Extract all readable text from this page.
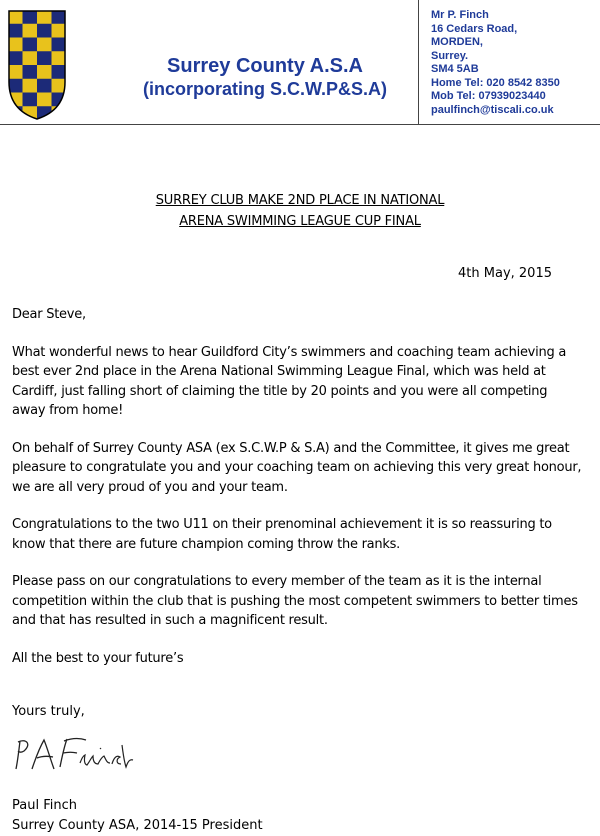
Surrey County A.S.A
(incorporating S.C.W.P&S.A)
Mr P. Finch
16 Cedars Road,
MORDEN,
Surrey.
SM4 5AB
Home Tel: 020 8542 8350
Mob Tel: 07939023440
paulfinch@tiscali.co.uk
SURREY CLUB MAKE 2ND PLACE IN NATIONAL
ARENA SWIMMING LEAGUE CUP FINAL
4th May, 2015

Dear Steve,

What wonderful news to hear Guildford City’s swimmers and coaching team achieving a best ever 2nd place in the Arena National Swimming League Final, which was held at Cardiff, just falling short of claiming the title by 20 points and you were all competing away from home!

On behalf of Surrey County ASA (ex S.C.W.P & S.A) and the Committee, it gives me great pleasure to congratulate you and your coaching team on achieving this very great honour, we are all very proud of you and your team.

Congratulations to the two U11 on their prenominal achievement it is so reassuring to know that there are future champion coming throw the ranks.

Please pass on our congratulations to every member of the team as it is the internal competition within the club that is pushing the most competent swimmers to better times and that has resulted in such a magnificent result.

All the best to your future’s

Yours truly,
Paul Finch
Surrey County ASA, 2014-15 President
